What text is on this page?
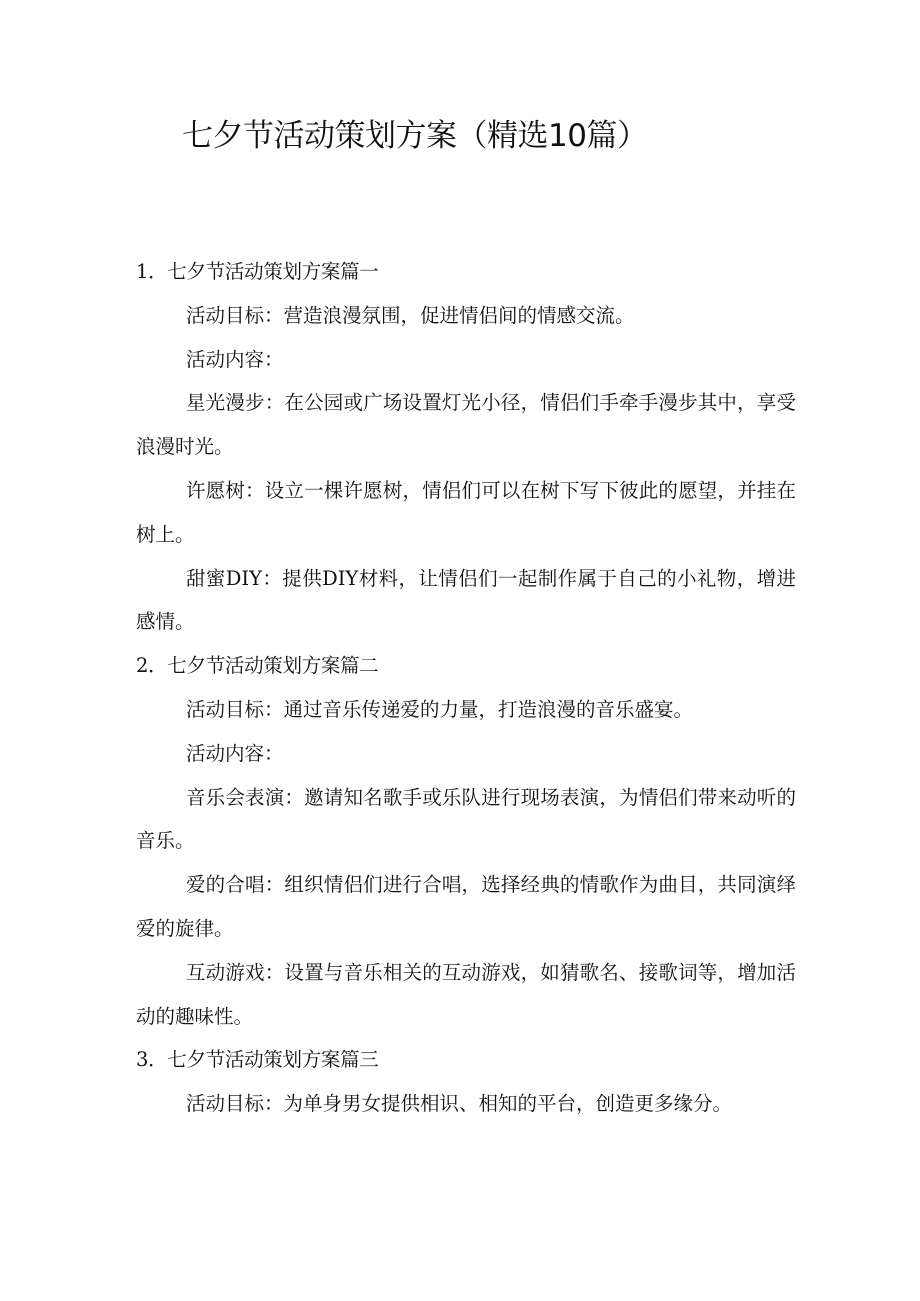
七夕节活动策划方案（精选10篇）

1．七夕节活动策划方案篇一

活动目标：营造浪漫氛围，促进情侣间的情感交流。

活动内容：

星光漫步：在公园或广场设置灯光小径，情侣们手牵手漫步其中，享受浪漫时光。

许愿树：设立一棵许愿树，情侣们可以在树下写下彼此的愿望，并挂在树上。

甜蜜DIY：提供DIY材料，让情侣们一起制作属于自己的小礼物，增进感情。

2．七夕节活动策划方案篇二

活动目标：通过音乐传递爱的力量，打造浪漫的音乐盛宴。

活动内容：

音乐会表演：邀请知名歌手或乐队进行现场表演，为情侣们带来动听的音乐。

爱的合唱：组织情侣们进行合唱，选择经典的情歌作为曲目，共同演绎爱的旋律。

互动游戏：设置与音乐相关的互动游戏，如猜歌名、接歌词等，增加活动的趣味性。

3．七夕节活动策划方案篇三

活动目标：为单身男女提供相识、相知的平台，创造更多缘分。
